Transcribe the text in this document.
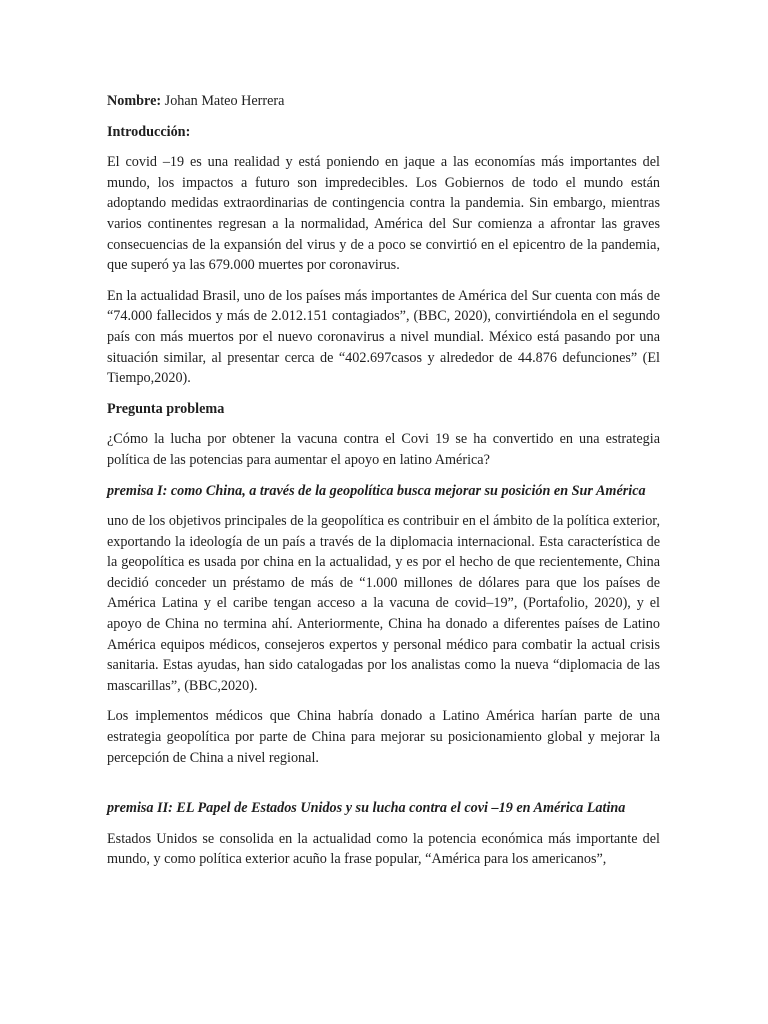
Nombre: Johan Mateo Herrera

Introducción:

El covid –19 es una realidad y está poniendo en jaque a las economías más importantes del mundo, los impactos a futuro son impredecibles. Los Gobiernos de todo el mundo están adoptando medidas extraordinarias de contingencia contra la pandemia. Sin embargo, mientras varios continentes regresan a la normalidad, América del Sur comienza a afrontar las graves consecuencias de la expansión del virus y de a poco se convirtió en el epicentro de la pandemia, que superó ya las 679.000 muertes por coronavirus.

En la actualidad Brasil, uno de los países más importantes de América del Sur cuenta con más de “74.000 fallecidos y más de 2.012.151 contagiados”, (BBC, 2020), convirtiéndola en el segundo país con más muertos por el nuevo coronavirus a nivel mundial. México está pasando por una situación similar, al presentar cerca de “402.697casos y alrededor de 44.876 defunciones” (El Tiempo,2020).

Pregunta problema

¿Cómo la lucha por obtener la vacuna contra el Covi 19 se ha convertido en una estrategia política de las potencias para aumentar el apoyo en latino América?

premisa I: como China, a través de la geopolítica busca mejorar su posición en Sur América

uno de los objetivos principales de la geopolítica es contribuir en el ámbito de la política exterior, exportando la ideología de un país a través de la diplomacia internacional. Esta característica de la geopolítica es usada por china en la actualidad, y es por el hecho de que recientemente, China decidió conceder un préstamo de más de “1.000 millones de dólares para que los países de América Latina y el caribe tengan acceso a la vacuna de covid–19”, (Portafolio, 2020), y el apoyo de China no termina ahí. Anteriormente, China ha donado a diferentes países de Latino América equipos médicos, consejeros expertos y personal médico para combatir la actual crisis sanitaria. Estas ayudas, han sido catalogadas por los analistas como la nueva “diplomacia de las mascarillas”, (BBC,2020).

Los implementos médicos que China habría donado a Latino América harían parte de una estrategia geopolítica por parte de China para mejorar su posicionamiento global y mejorar la percepción de China a nivel regional.

premisa II: EL Papel de Estados Unidos y su lucha contra el covi –19 en América Latina

Estados Unidos se consolida en la actualidad como la potencia económica más importante del mundo, y como política exterior acuño la frase popular, “América para los americanos”,
